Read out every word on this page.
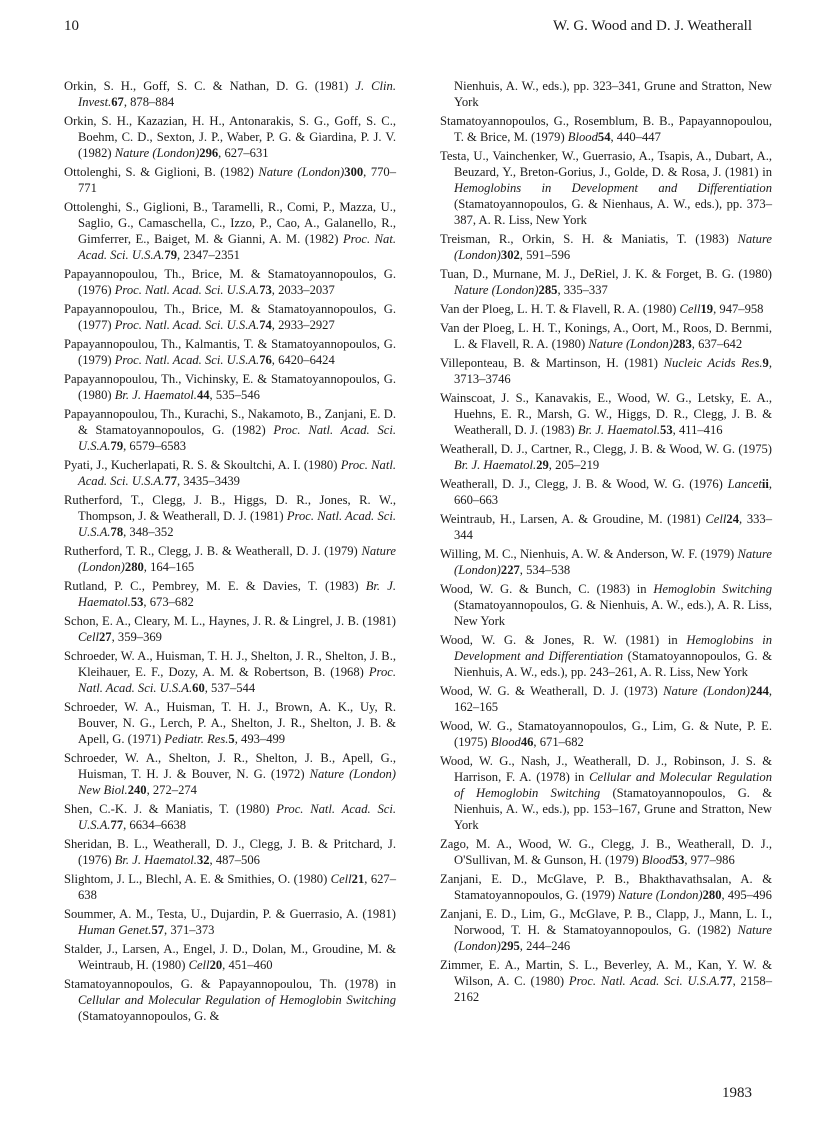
10	W. G. Wood and D. J. Weatherall

Orkin, S. H., Goff, S. C. & Nathan, D. G. (1981) J. Clin. Invest.67, 878–884

Orkin, S. H., Kazazian, H. H., Antonarakis, S. G., Goff, S. C., Boehm, C. D., Sexton, J. P., Waber, P. G. & Giardina, P. J. V. (1982) Nature (London)296, 627–631

Ottolenghi, S. & Giglioni, B. (1982) Nature (London)300, 770–771

Ottolenghi, S., Giglioni, B., Taramelli, R., Comi, P., Mazza, U., Saglio, G., Camaschella, C., Izzo, P., Cao, A., Galanello, R., Gimferrer, E., Baiget, M. & Gianni, A. M. (1982) Proc. Nat. Acad. Sci. U.S.A.79, 2347–2351

Papayannopoulou, Th., Brice, M. & Stamatoyannopoulos, G. (1976) Proc. Natl. Acad. Sci. U.S.A.73, 2033–2037

Papayannopoulou, Th., Brice, M. & Stamatoyannopoulos, G. (1977) Proc. Natl. Acad. Sci. U.S.A.74, 2933–2927

Papayannopoulou, Th., Kalmantis, T. & Stamatoyannopoulos, G. (1979) Proc. Natl. Acad. Sci. U.S.A.76, 6420–6424

Papayannopoulou, Th., Vichinsky, E. & Stamatoyannopoulos, G. (1980) Br. J. Haematol.44, 535–546

Papayannopoulou, Th., Kurachi, S., Nakamoto, B., Zanjani, E. D. & Stamatoyannopoulos, G. (1982) Proc. Natl. Acad. Sci. U.S.A.79, 6579–6583

Pyati, J., Kucherlapati, R. S. & Skoultchi, A. I. (1980) Proc. Natl. Acad. Sci. U.S.A.77, 3435–3439

Rutherford, T., Clegg, J. B., Higgs, D. R., Jones, R. W., Thompson, J. & Weatherall, D. J. (1981) Proc. Natl. Acad. Sci. U.S.A.78, 348–352

Rutherford, T. R., Clegg, J. B. & Weatherall, D. J. (1979) Nature (London)280, 164–165

Rutland, P. C., Pembrey, M. E. & Davies, T. (1983) Br. J. Haematol.53, 673–682

Schon, E. A., Cleary, M. L., Haynes, J. R. & Lingrel, J. B. (1981) Cell27, 359–369

Schroeder, W. A., Huisman, T. H. J., Shelton, J. R., Shelton, J. B., Kleihauer, E. F., Dozy, A. M. & Robertson, B. (1968) Proc. Natl. Acad. Sci. U.S.A.60, 537–544

Schroeder, W. A., Huisman, T. H. J., Brown, A. K., Uy, R. Bouver, N. G., Lerch, P. A., Shelton, J. R., Shelton, J. B. & Apell, G. (1971) Pediatr. Res.5, 493–499

Schroeder, W. A., Shelton, J. R., Shelton, J. B., Apell, G., Huisman, T. H. J. & Bouver, N. G. (1972) Nature (London) New Biol.240, 272–274

Shen, C.-K. J. & Maniatis, T. (1980) Proc. Natl. Acad. Sci. U.S.A.77, 6634–6638

Sheridan, B. L., Weatherall, D. J., Clegg, J. B. & Pritchard, J. (1976) Br. J. Haematol.32, 487–506

Slightom, J. L., Blechl, A. E. & Smithies, O. (1980) Cell21, 627–638

Soummer, A. M., Testa, U., Dujardin, P. & Guerrasio, A. (1981) Human Genet.57, 371–373

Stalder, J., Larsen, A., Engel, J. D., Dolan, M., Groudine, M. & Weintraub, H. (1980) Cell20, 451–460

Stamatoyannopoulos, G. & Papayannopoulou, Th. (1978) in Cellular and Molecular Regulation of Hemoglobin Switching (Stamatoyannopoulos, G. &

Nienhuis, A. W., eds.), pp. 323–341, Grune and Stratton, New York

Stamatoyannopoulos, G., Rosemblum, B. B., Papayannopoulou, T. & Brice, M. (1979) Blood54, 440–447

Testa, U., Vainchenker, W., Guerrasio, A., Tsapis, A., Dubart, A., Beuzard, Y., Breton-Gorius, J., Golde, D. & Rosa, J. (1981) in Hemoglobins in Development and Differentiation (Stamatoyannopoulos, G. & Nienhaus, A. W., eds.), pp. 373–387, A. R. Liss, New York

Treisman, R., Orkin, S. H. & Maniatis, T. (1983) Nature (London)302, 591–596

Tuan, D., Murnane, M. J., DeRiel, J. K. & Forget, B. G. (1980) Nature (London)285, 335–337

Van der Ploeg, L. H. T. & Flavell, R. A. (1980) Cell19, 947–958

Van der Ploeg, L. H. T., Konings, A., Oort, M., Roos, D. Bernmi, L. & Flavell, R. A. (1980) Nature (London)283, 637–642

Villeponteau, B. & Martinson, H. (1981) Nucleic Acids Res.9, 3713–3746

Wainscoat, J. S., Kanavakis, E., Wood, W. G., Letsky, E. A., Huehns, E. R., Marsh, G. W., Higgs, D. R., Clegg, J. B. & Weatherall, D. J. (1983) Br. J. Haematol.53, 411–416

Weatherall, D. J., Cartner, R., Clegg, J. B. & Wood, W. G. (1975) Br. J. Haematol.29, 205–219

Weatherall, D. J., Clegg, J. B. & Wood, W. G. (1976) Lancetii, 660–663

Weintraub, H., Larsen, A. & Groudine, M. (1981) Cell24, 333–344

Willing, M. C., Nienhuis, A. W. & Anderson, W. F. (1979) Nature (London)227, 534–538

Wood, W. G. & Bunch, C. (1983) in Hemoglobin Switching (Stamatoyannopoulos, G. & Nienhuis, A. W., eds.), A. R. Liss, New York

Wood, W. G. & Jones, R. W. (1981) in Hemoglobins in Development and Differentiation (Stamatoyannopoulos, G. & Nienhuis, A. W., eds.), pp. 243–261, A. R. Liss, New York

Wood, W. G. & Weatherall, D. J. (1973) Nature (London)244, 162–165

Wood, W. G., Stamatoyannopoulos, G., Lim, G. & Nute, P. E. (1975) Blood46, 671–682

Wood, W. G., Nash, J., Weatherall, D. J., Robinson, J. S. & Harrison, F. A. (1978) in Cellular and Molecular Regulation of Hemoglobin Switching (Stamatoyannopoulos, G. & Nienhuis, A. W., eds.), pp. 153–167, Grune and Stratton, New York

Zago, M. A., Wood, W. G., Clegg, J. B., Weatherall, D. J., O'Sullivan, M. & Gunson, H. (1979) Blood53, 977–986

Zanjani, E. D., McGlave, P. B., Bhakthavathsalan, A. & Stamatoyannopoulos, G. (1979) Nature (London)280, 495–496

Zanjani, E. D., Lim, G., McGlave, P. B., Clapp, J., Mann, L. I., Norwood, T. H. & Stamatoyannopoulos, G. (1982) Nature (London)295, 244–246

Zimmer, E. A., Martin, S. L., Beverley, A. M., Kan, Y. W. & Wilson, A. C. (1980) Proc. Natl. Acad. Sci. U.S.A.77, 2158–2162

1983
